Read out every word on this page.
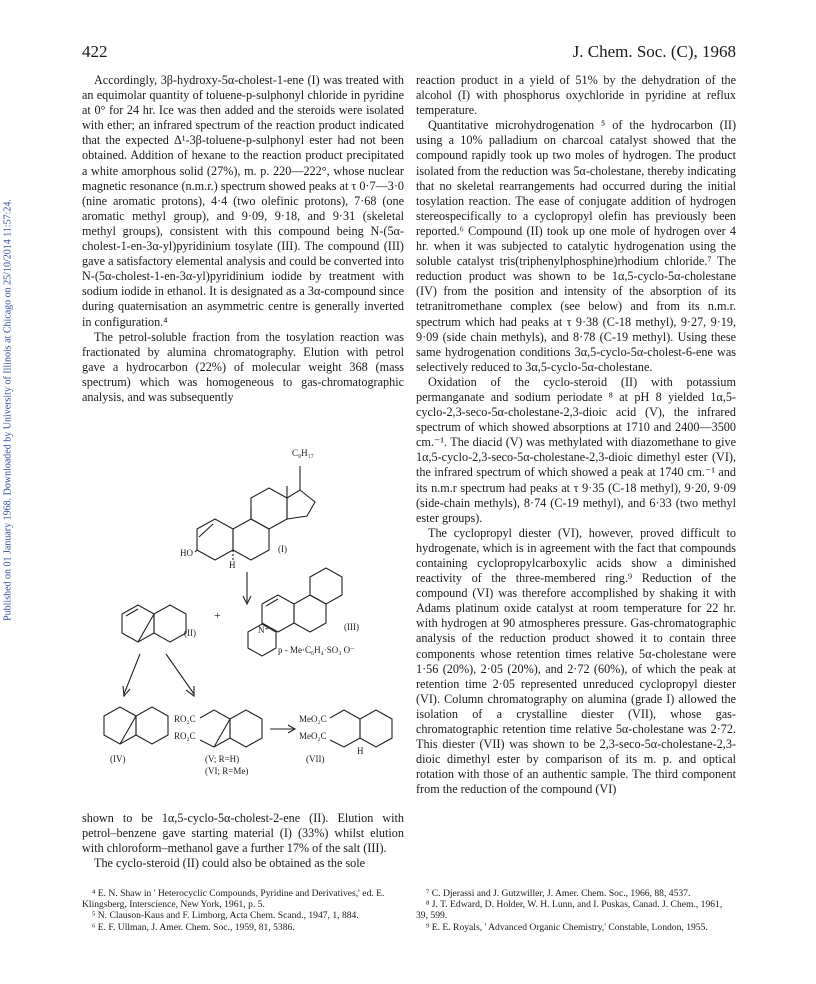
422	J. Chem. Soc. (C), 1968
Published on 01 January 1968. Downloaded by University of Illinois at Chicago on 25/10/2014 11:57:24.

Accordingly, 3β-hydroxy-5α-cholest-1-ene (I) was treated with an equimolar quantity of toluene-p-sulphonyl chloride in pyridine at 0° for 24 hr. Ice was then added and the steroids were isolated with ether; an infrared spectrum of the reaction product indicated that the expected Δ¹-3β-toluene-p-sulphonyl ester had not been obtained. Addition of hexane to the reaction product precipitated a white amorphous solid (27%), m. p. 220—222°, whose nuclear magnetic resonance (n.m.r.) spectrum showed peaks at τ 0·7—3·0 (nine aromatic protons), 4·4 (two olefinic protons), 7·68 (one aromatic methyl group), and 9·09, 9·18, and 9·31 (skeletal methyl groups), consistent with this compound being N-(5α-cholest-1-en-3α-yl)pyridinium tosylate (III). The compound (III) gave a satisfactory elemental analysis and could be converted into N-(5α-cholest-1-en-3α-yl)pyridinium iodide by treatment with sodium iodide in ethanol. It is designated as a 3α-compound since during quaternisation an asymmetric centre is generally inverted in configuration.⁴

The petrol-soluble fraction from the tosylation reaction was fractionated by alumina chromatography. Elution with petrol gave a hydrocarbon (22%) of molecular weight 368 (mass spectrum) which was homogeneous to gas-chromatographic analysis, and was subsequently

C₈H₁₇
HO
H
(I)
+
(II)	N⁺	(III)
p - Me·C₆H₄·SO₃ O⁻
(IV)
RO₂C
RO₂C
(V; R=H)
(VI; R=Me)
MeO₂C
MeO₂C
H
(VII)

shown to be 1α,5-cyclo-5α-cholest-2-ene (II). Elution with petrol–benzene gave starting material (I) (33%) whilst elution with chloroform–methanol gave a further 17% of the salt (III).

The cyclo-steroid (II) could also be obtained as the sole

reaction product in a yield of 51% by the dehydration of the alcohol (I) with phosphorus oxychloride in pyridine at reflux temperature.

Quantitative microhydrogenation ⁵ of the hydrocarbon (II) using a 10% palladium on charcoal catalyst showed that the compound rapidly took up two moles of hydrogen. The product isolated from the reduction was 5α-cholestane, thereby indicating that no skeletal rearrangements had occurred during the initial tosylation reaction. The ease of conjugate addition of hydrogen stereospecifically to a cyclopropyl olefin has previously been reported.⁶ Compound (II) took up one mole of hydrogen over 4 hr. when it was subjected to catalytic hydrogenation using the soluble catalyst tris(triphenylphosphine)rhodium chloride.⁷ The reduction product was shown to be 1α,5-cyclo-5α-cholestane (IV) from the position and intensity of the absorption of its tetranitromethane complex (see below) and from its n.m.r. spectrum which had peaks at τ 9·38 (C-18 methyl), 9·27, 9·19, 9·09 (side chain methyls), and 8·78 (C-19 methyl). Using these same hydrogenation conditions 3α,5-cyclo-5α-cholest-6-ene was selectively reduced to 3α,5-cyclo-5α-cholestane.

Oxidation of the cyclo-steroid (II) with potassium permanganate and sodium periodate ⁸ at pH 8 yielded 1α,5-cyclo-2,3-seco-5α-cholestane-2,3-dioic acid (V), the infrared spectrum of which showed absorptions at 1710 and 2400—3500 cm.⁻¹. The diacid (V) was methylated with diazomethane to give 1α,5-cyclo-2,3-seco-5α-cholestane-2,3-dioic dimethyl ester (VI), the infrared spectrum of which showed a peak at 1740 cm.⁻¹ and its n.m.r spectrum had peaks at τ 9·35 (C-18 methyl), 9·20, 9·09 (side-chain methyls), 8·74 (C-19 methyl), and 6·33 (two methyl ester groups).

The cyclopropyl diester (VI), however, proved difficult to hydrogenate, which is in agreement with the fact that compounds containing cyclopropylcarboxylic acids show a diminished reactivity of the three-membered ring.⁹ Reduction of the compound (VI) was therefore accomplished by shaking it with Adams platinum oxide catalyst at room temperature for 22 hr. with hydrogen at 90 atmospheres pressure. Gas-chromatographic analysis of the reduction product showed it to contain three components whose retention times relative 5α-cholestane were 1·56 (20%), 2·05 (20%), and 2·72 (60%), of which the peak at retention time 2·05 represented unreduced cyclopropyl diester (VI). Column chromatography on alumina (grade I) allowed the isolation of a crystalline diester (VII), whose gas-chromatographic retention time relative 5α-cholestane was 2·72. This diester (VII) was shown to be 2,3-seco-5α-cholestane-2,3-dioic dimethyl ester by comparison of its m. p. and optical rotation with those of an authentic sample. The third component from the reduction of the compound (VI)

⁴ E. N. Shaw in ' Heterocyclic Compounds, Pyridine and Derivatives,' ed. E. Klingsberg, Interscience, New York, 1961, p. 5.

⁵ N. Clauson-Kaus and F. Limborg, Acta Chem. Scand., 1947, 1, 884.

⁶ E. F. Ullman, J. Amer. Chem. Soc., 1959, 81, 5386.

⁷ C. Djerassi and J. Gutzwiller, J. Amer. Chem. Soc., 1966, 88, 4537.

⁸ J. T. Edward, D. Holder, W. H. Lunn, and I. Puskas, Canad. J. Chem., 1961, 39, 599.

⁹ E. E. Royals, ' Advanced Organic Chemistry,' Constable, London, 1955.
